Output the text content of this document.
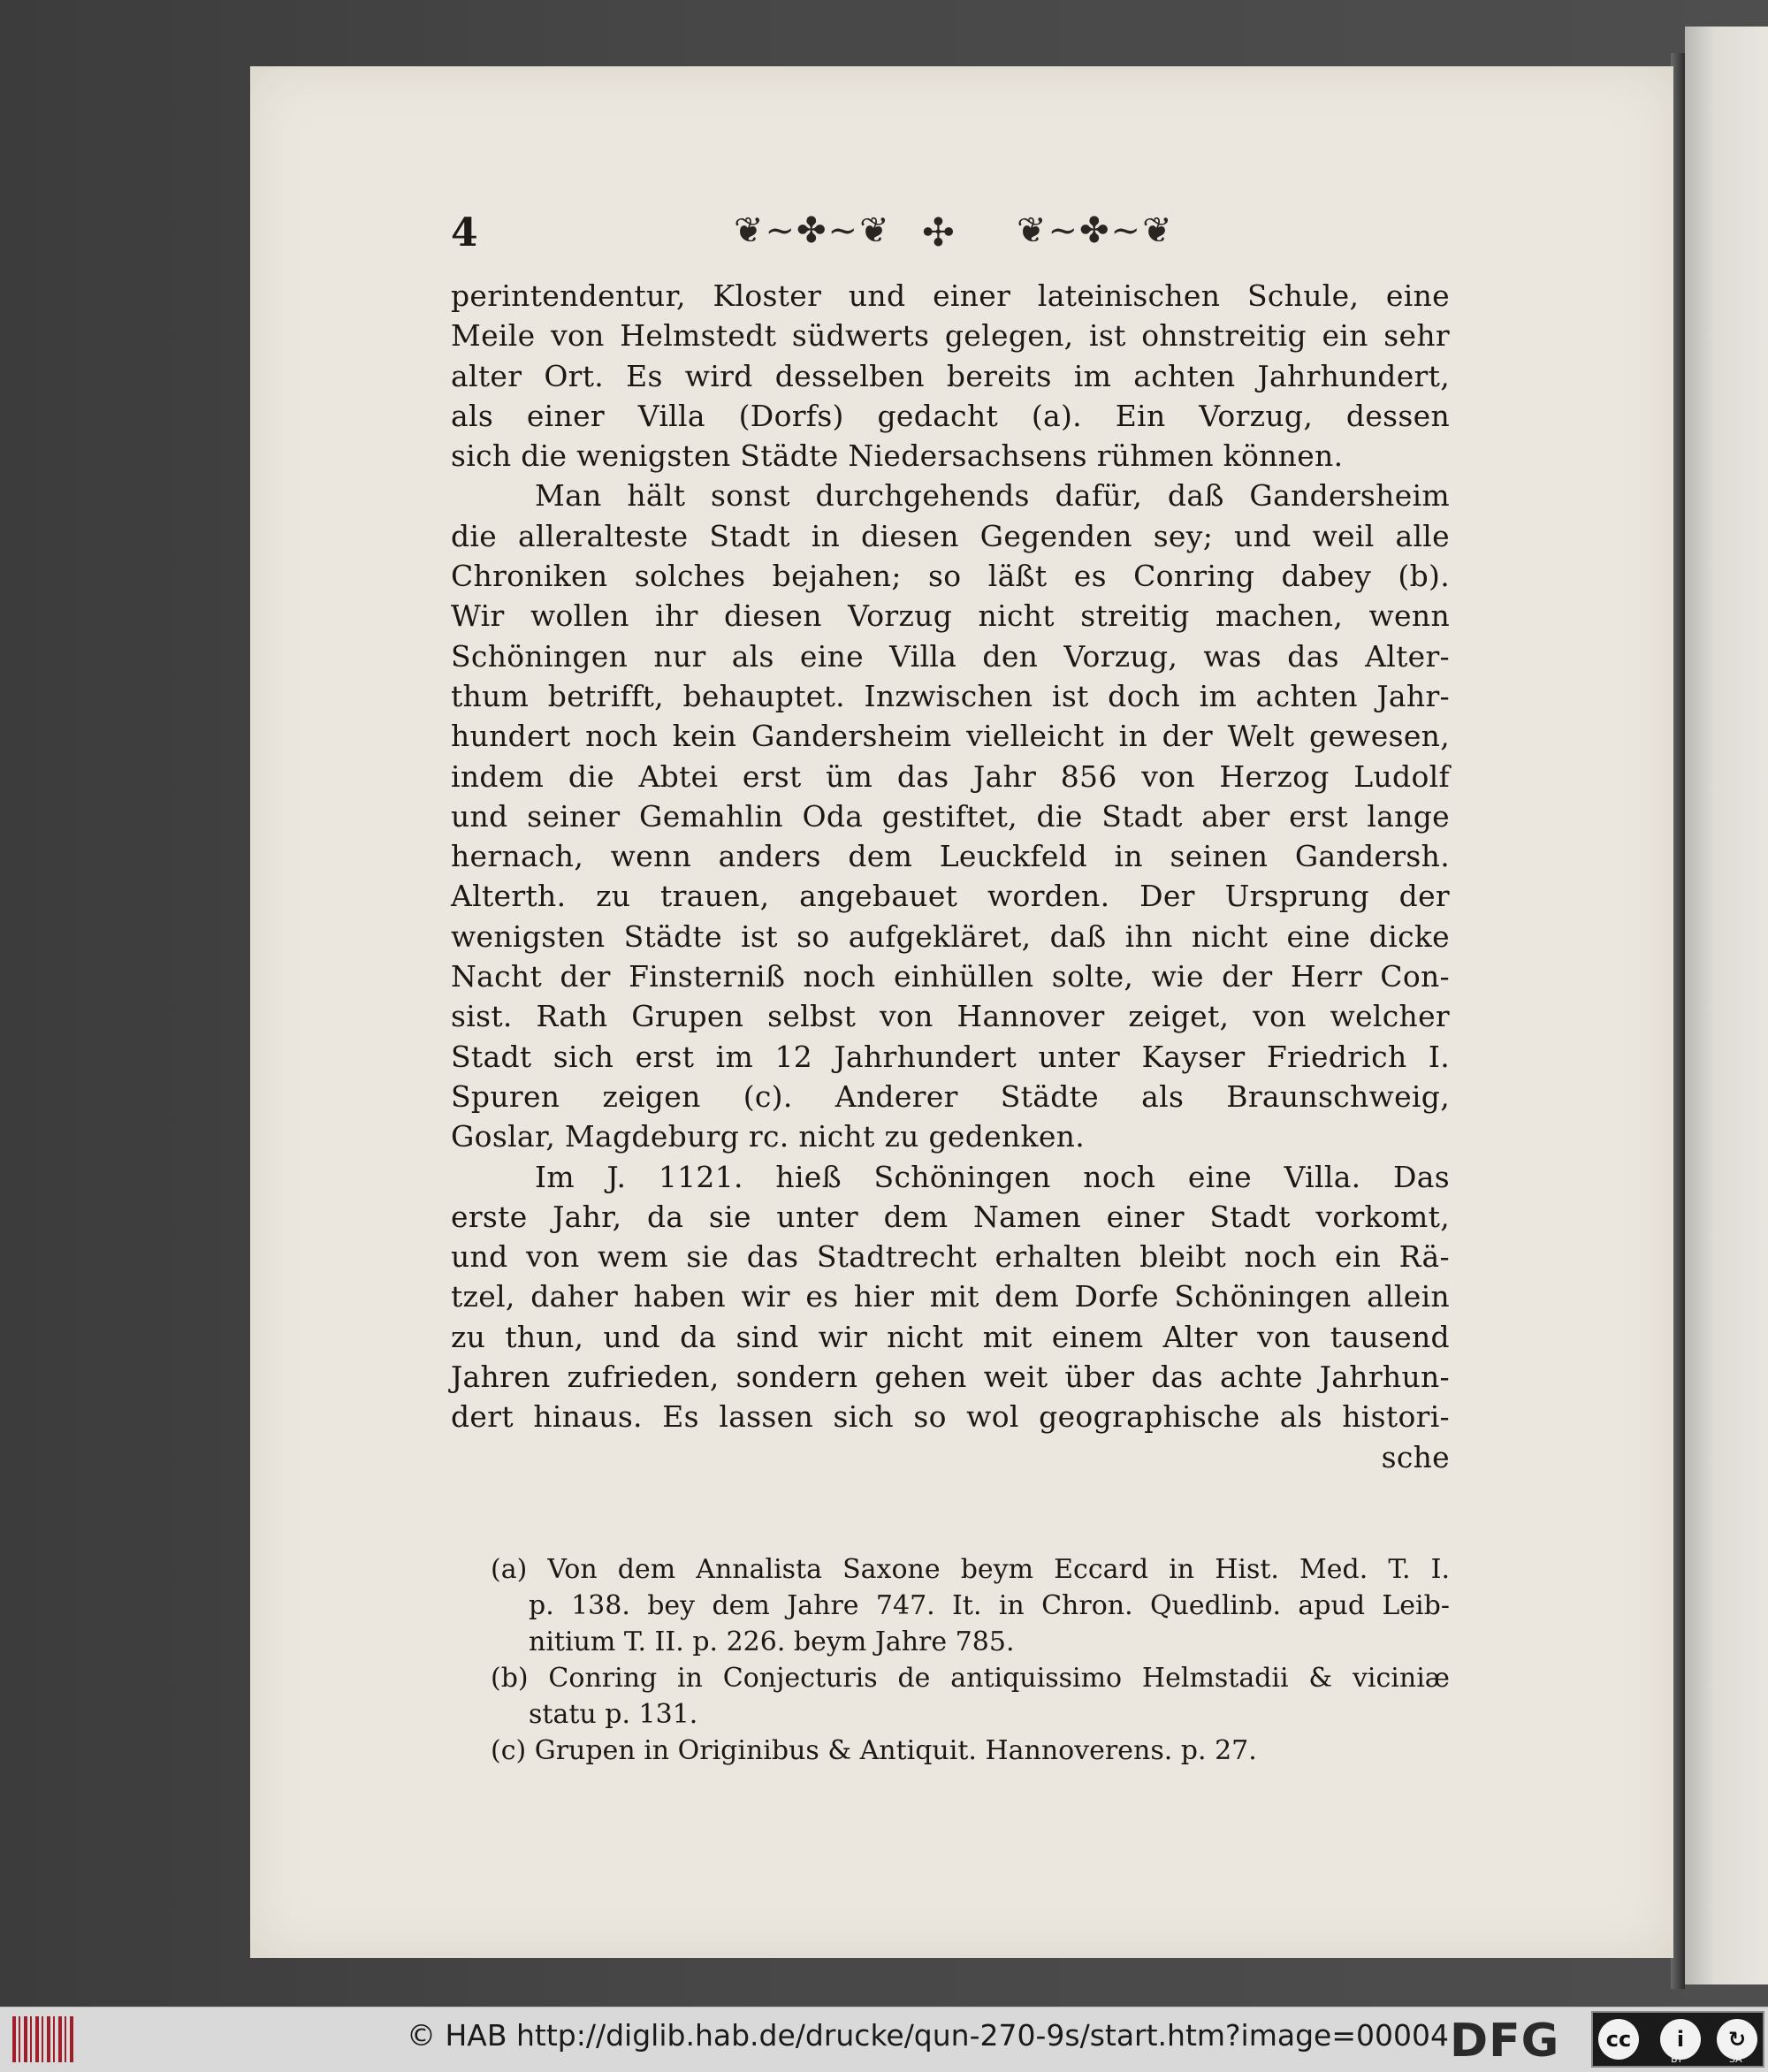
4	❦~✤~❦ ✣ ❦~✤~❦
perintendentur, Kloster und einer lateinischen Schule, eine
Meile von Helmstedt südwerts gelegen, ist ohnstreitig ein sehr
alter Ort. Es wird desselben bereits im achten Jahrhundert,
als einer Villa (Dorfs) gedacht (a). Ein Vorzug, dessen
sich die wenigsten Städte Niedersachsens rühmen können.
Man hält sonst durchgehends dafür, daß Gandersheim
die alleralteste Stadt in diesen Gegenden sey; und weil alle
Chroniken solches bejahen; so läßt es Conring dabey (b).
Wir wollen ihr diesen Vorzug nicht streitig machen, wenn
Schöningen nur als eine Villa den Vorzug, was das Alter-
thum betrifft, behauptet. Inzwischen ist doch im achten Jahr-
hundert noch kein Gandersheim vielleicht in der Welt gewesen,
indem die Abtei erst üm das Jahr 856 von Herzog Ludolf
und seiner Gemahlin Oda gestiftet, die Stadt aber erst lange
hernach, wenn anders dem Leuckfeld in seinen Gandersh.
Alterth. zu trauen, angebauet worden. Der Ursprung der
wenigsten Städte ist so aufgekläret, daß ihn nicht eine dicke
Nacht der Finsterniß noch einhüllen solte, wie der Herr Con-
sist. Rath Grupen selbst von Hannover zeiget, von welcher
Stadt sich erst im 12 Jahrhundert unter Kayser Friedrich I.
Spuren zeigen (c). Anderer Städte als Braunschweig,
Goslar, Magdeburg rc. nicht zu gedenken.
Im J. 1121. hieß Schöningen noch eine Villa. Das
erste Jahr, da sie unter dem Namen einer Stadt vorkomt,
und von wem sie das Stadtrecht erhalten bleibt noch ein Rä-
tzel, daher haben wir es hier mit dem Dorfe Schöningen allein
zu thun, und da sind wir nicht mit einem Alter von tausend
Jahren zufrieden, sondern gehen weit über das achte Jahrhun-
dert hinaus. Es lassen sich so wol geographische als histori-
sche
(a) Von dem Annalista Saxone beym Eccard in Hist. Med. T. I.
p. 138. bey dem Jahre 747. It. in Chron. Quedlinb. apud Leib-
nitium T. II. p. 226. beym Jahre 785.
(b) Conring in Conjecturis de antiquissimo Helmstadii & viciniæ
statu p. 131.
(c) Grupen in Originibus & Antiquit. Hannoverens. p. 27.
© HAB http://diglib.hab.de/drucke/qun-270-9s/start.htm?image=00004 DFG	cc	i	↻
BY	SA
